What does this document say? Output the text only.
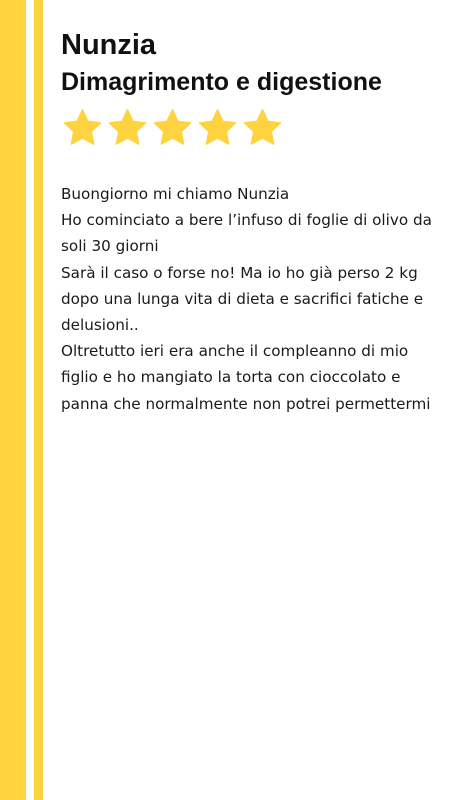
Nunzia
Dimagrimento e digestione

Buongiorno mi chiamo Nunzia

Ho cominciato a bere l’infuso di foglie di olivo da soli 30 giorni

Sarà il caso o forse no! Ma io ho già perso 2 kg dopo una lunga vita di dieta e sacrifici fatiche e delusioni..

Oltretutto ieri era anche il compleanno di mio figlio e ho mangiato la torta con cioccolato e panna che normalmente non potrei permettermi
